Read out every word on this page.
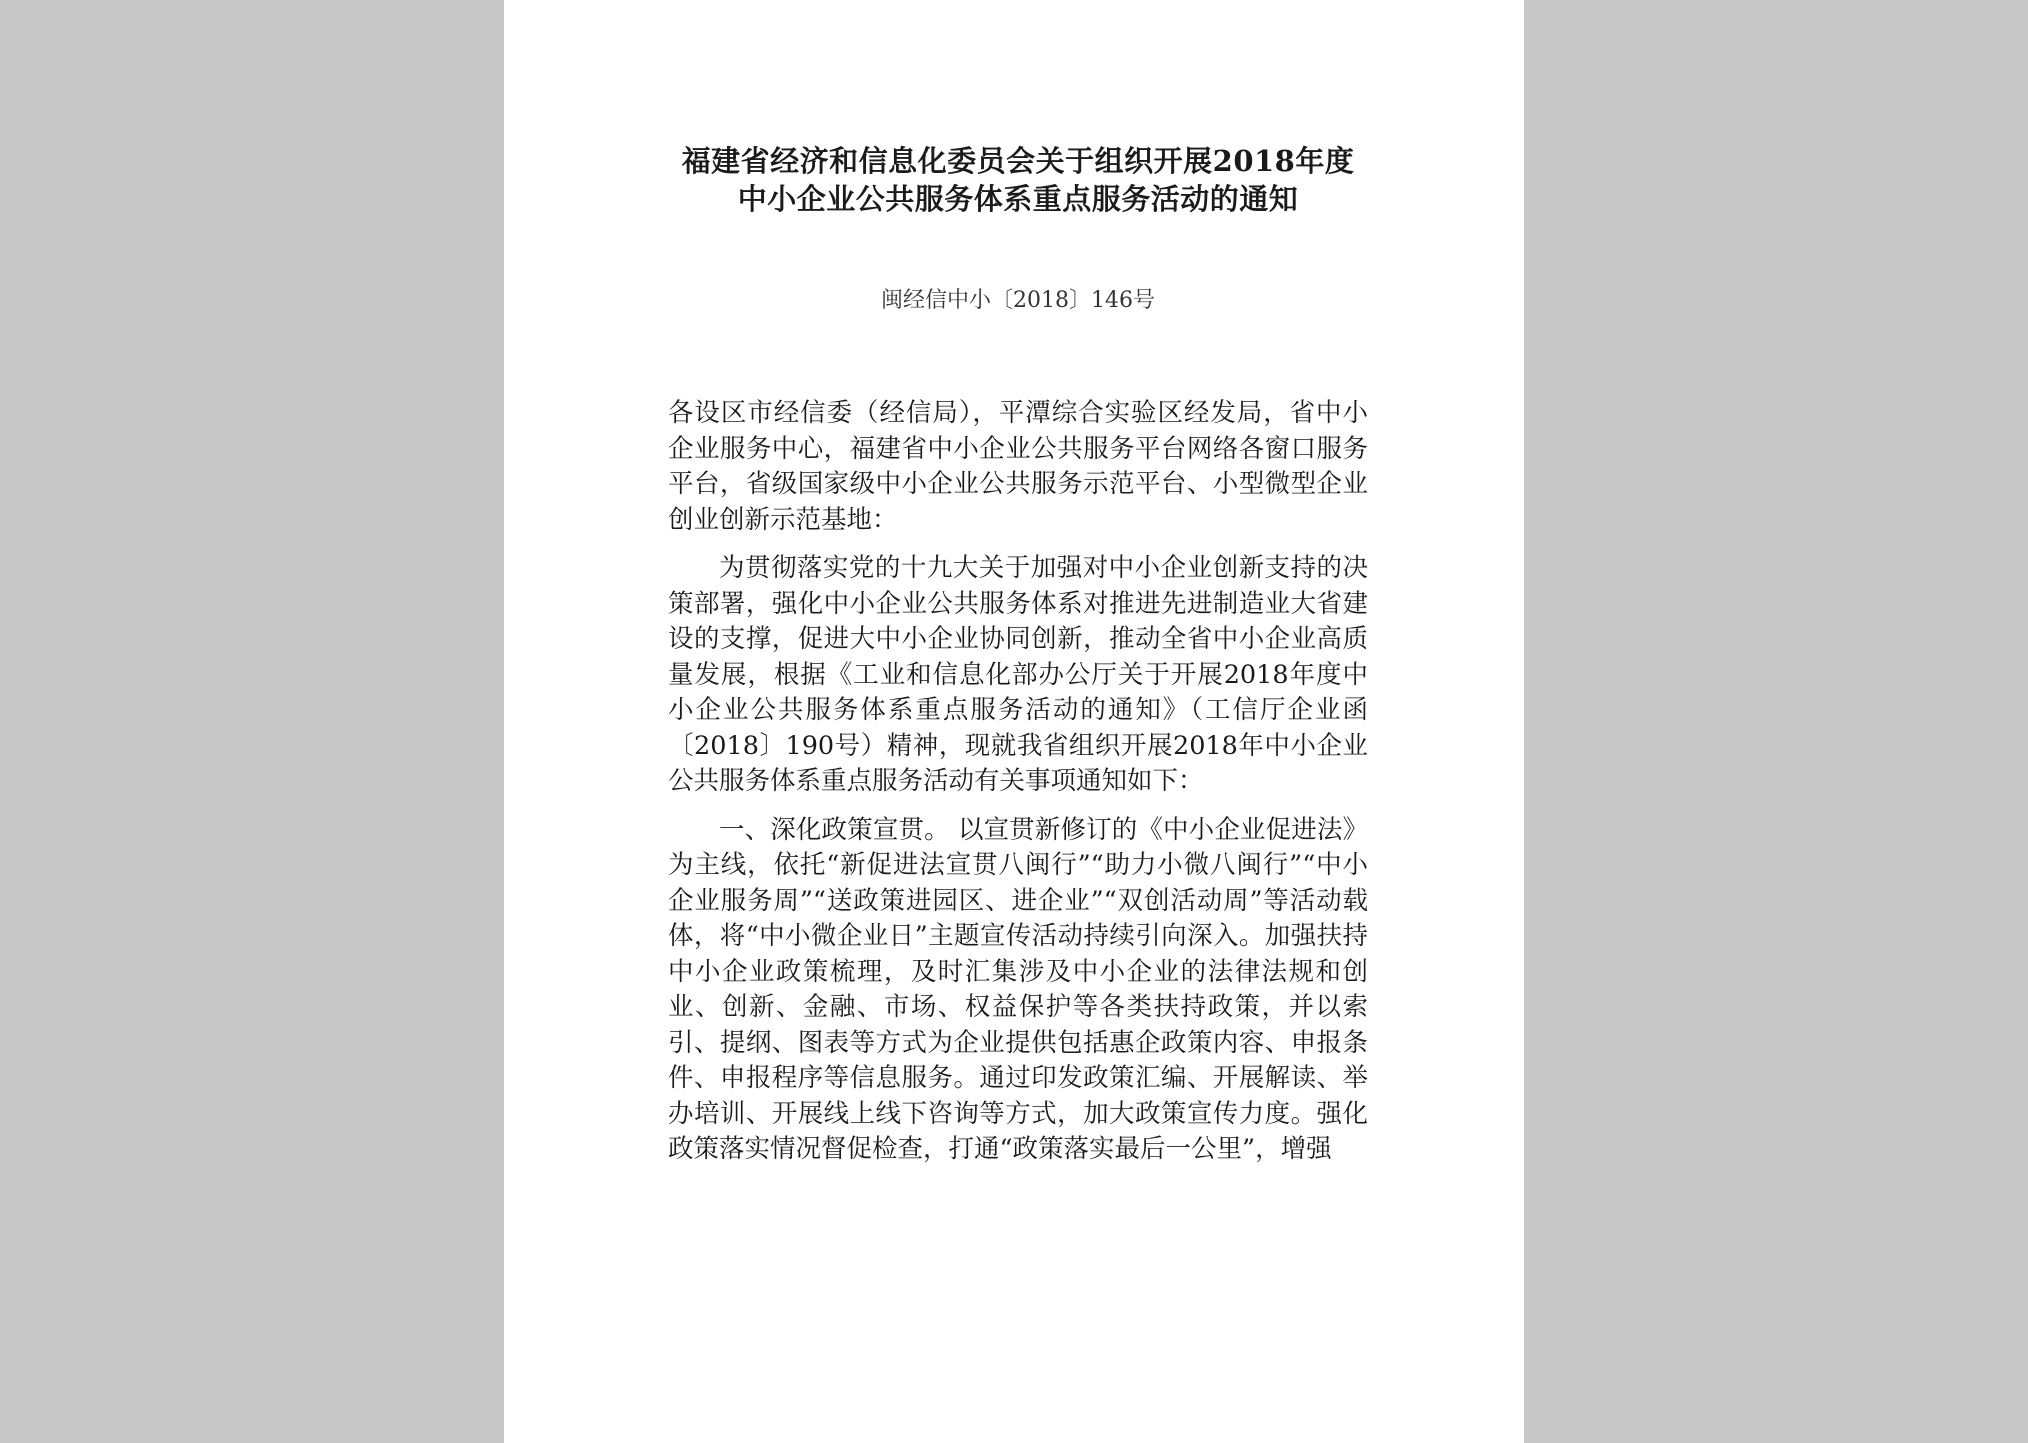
福建省经济和信息化委员会关于组织开展2018年度
中小企业公共服务体系重点服务活动的通知
闽经信中小〔2018〕146号

各设区市经信委（经信局），平潭综合实验区经发局，省中小企业服务中心，福建省中小企业公共服务平台网络各窗口服务平台，省级国家级中小企业公共服务示范平台、小型微型企业创业创新示范基地：

为贯彻落实党的十九大关于加强对中小企业创新支持的决策部署，强化中小企业公共服务体系对推进先进制造业大省建设的支撑，促进大中小企业协同创新，推动全省中小企业高质量发展，根据《工业和信息化部办公厅关于开展2018年度中小企业公共服务体系重点服务活动的通知》（工信厅企业函〔2018〕190号）精神，现就我省组织开展2018年中小企业公共服务体系重点服务活动有关事项通知如下：

一、深化政策宣贯。 以宣贯新修订的《中小企业促进法》为主线，依托“新促进法宣贯八闽行”“助力小微八闽行”“中小企业服务周”“送政策进园区、进企业”“双创活动周”等活动载体，将“中小微企业日”主题宣传活动持续引向深入。加强扶持中小企业政策梳理，及时汇集涉及中小企业的法律法规和创业、创新、金融、市场、权益保护等各类扶持政策，并以索引、提纲、图表等方式为企业提供包括惠企政策内容、申报条件、申报程序等信息服务。通过印发政策汇编、开展解读、举办培训、开展线上线下咨询等方式，加大政策宣传力度。强化政策落实情况督促检查，打通“政策落实最后一公里”，增强
